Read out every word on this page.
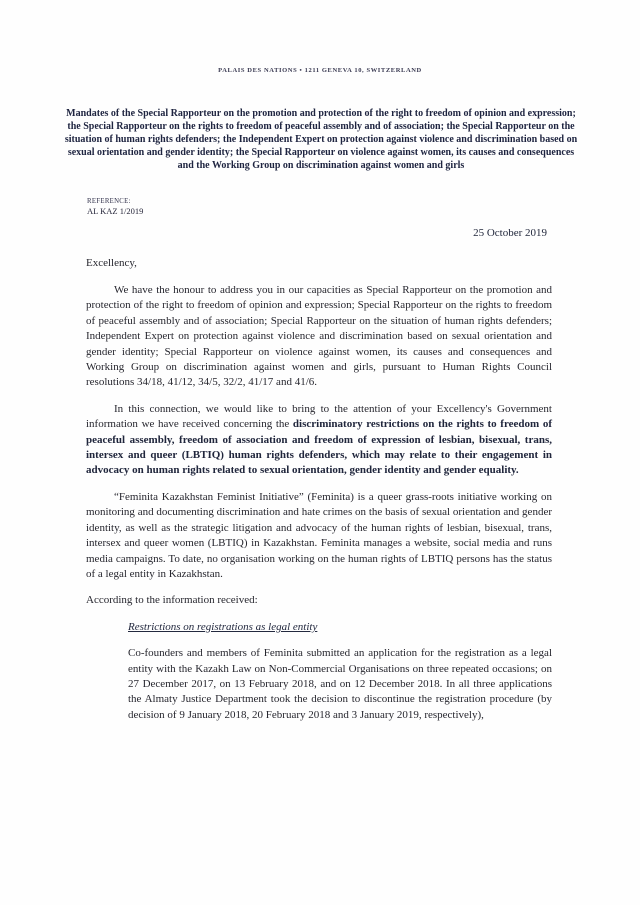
PALAIS DES NATIONS • 1211 GENEVA 10, SWITZERLAND
Mandates of the Special Rapporteur on the promotion and protection of the right to freedom of opinion and expression; the Special Rapporteur on the rights to freedom of peaceful assembly and of association; the Special Rapporteur on the situation of human rights defenders; the Independent Expert on protection against violence and discrimination based on sexual orientation and gender identity; the Special Rapporteur on violence against women, its causes and consequences and the Working Group on discrimination against women and girls
REFERENCE:
AL KAZ 1/2019
25 October 2019
Excellency,

We have the honour to address you in our capacities as Special Rapporteur on the promotion and protection of the right to freedom of opinion and expression; Special Rapporteur on the rights to freedom of peaceful assembly and of association; Special Rapporteur on the situation of human rights defenders; Independent Expert on protection against violence and discrimination based on sexual orientation and gender identity; Special Rapporteur on violence against women, its causes and consequences and Working Group on discrimination against women and girls, pursuant to Human Rights Council resolutions 34/18, 41/12, 34/5, 32/2, 41/17 and 41/6.

In this connection, we would like to bring to the attention of your Excellency's Government information we have received concerning the discriminatory restrictions on the rights to freedom of peaceful assembly, freedom of association and freedom of expression of lesbian, bisexual, trans, intersex and queer (LBTIQ) human rights defenders, which may relate to their engagement in advocacy on human rights related to sexual orientation, gender identity and gender equality.

“Feminita Kazakhstan Feminist Initiative” (Feminita) is a queer grass-roots initiative working on monitoring and documenting discrimination and hate crimes on the basis of sexual orientation and gender identity, as well as the strategic litigation and advocacy of the human rights of lesbian, bisexual, trans, intersex and queer women (LBTIQ) in Kazakhstan. Feminita manages a website, social media and runs media campaigns. To date, no organisation working on the human rights of LBTIQ persons has the status of a legal entity in Kazakhstan.

According to the information received:

Restrictions on registrations as legal entity

Co-founders and members of Feminita submitted an application for the registration as a legal entity with the Kazakh Law on Non-Commercial Organisations on three repeated occasions; on 27 December 2017, on 13 February 2018, and on 12 December 2018. In all three applications the Almaty Justice Department took the decision to discontinue the registration procedure (by decision of 9 January 2018, 20 February 2018 and 3 January 2019, respectively),
